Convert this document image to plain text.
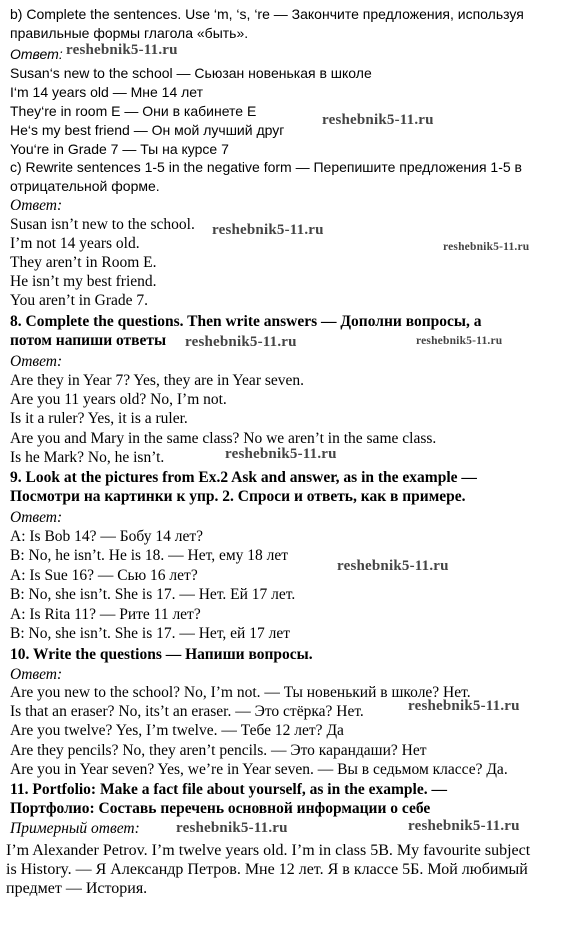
b) Complete the sentences. Use ‘m, ‘s, ‘re — Закончите предложения, используя
правильные формы глагола «быть».
Ответ:
Susan‘s new to the school — Сьюзан новенькая в школе
I‘m 14 years old — Мне 14 лет
They‘re in room E — Они в кабинете Е
He‘s my best friend — Он мой лучший друг
You‘re in Grade 7 — Ты на курсе 7
c) Rewrite sentences 1-5 in the negative form — Перепишите предложения 1-5 в
отрицательной форме.
Ответ:
Susan isn’t new to the school.
I’m not 14 years old.
They aren’t in Room E.
He isn’t my best friend.
You aren’t in Grade 7.
8. Complete the questions. Then write answers — Дополни вопросы, а
потом напиши ответы
Ответ:
Are they in Year 7? Yes, they are in Year seven.
Are you 11 years old? No, I’m not.
Is it a ruler? Yes, it is a ruler.
Are you and Mary in the same class? No we aren’t in the same class.
Is he Mark? No, he isn’t.
9. Look at the pictures from Ex.2 Ask and answer, as in the example —
Посмотри на картинки к упр. 2. Спроси и ответь, как в примере.
Ответ:
A: Is Bob 14? — Бобу 14 лет?
B: No, he isn’t. He is 18. — Нет, ему 18 лет
A: Is Sue 16? — Сью 16 лет?
B: No, she isn’t. She is 17. — Нет. Ей 17 лет.
A: Is Rita 11? — Рите 11 лет?
B: No, she isn’t. She is 17. — Нет, ей 17 лет
10. Write the questions — Напиши вопросы.
Ответ:
Are you new to the school? No, I’m not. — Ты новенький в школе? Нет.
Is that an eraser? No, its’t an eraser. — Это стёрка? Нет.
Are you twelve? Yes, I’m twelve. — Тебе 12 лет? Да
Are they pencils? No, they aren’t pencils. — Это карандаши? Нет
Are you in Year seven? Yes, we’re in Year seven. — Вы в седьмом классе? Да.
11. Portfolio: Make a fact file about yourself, as in the example. —
Портфолио: Составь перечень основной информации о себе
Примерный ответ:
I’m Alexander Petrov. I’m twelve years old. I’m in class 5B. My favourite subject
is History. — Я Александр Петров. Мне 12 лет. Я в классе 5Б. Мой любимый
предмет — История.
reshebnik5-11.ru
reshebnik5-11.ru
reshebnik5-11.ru
reshebnik5-11.ru
reshebnik5-11.ru	reshebnik5-11.ru
reshebnik5-11.ru
reshebnik5-11.ru
reshebnik5-11.ru
reshebnik5-11.ru	reshebnik5-11.ru
